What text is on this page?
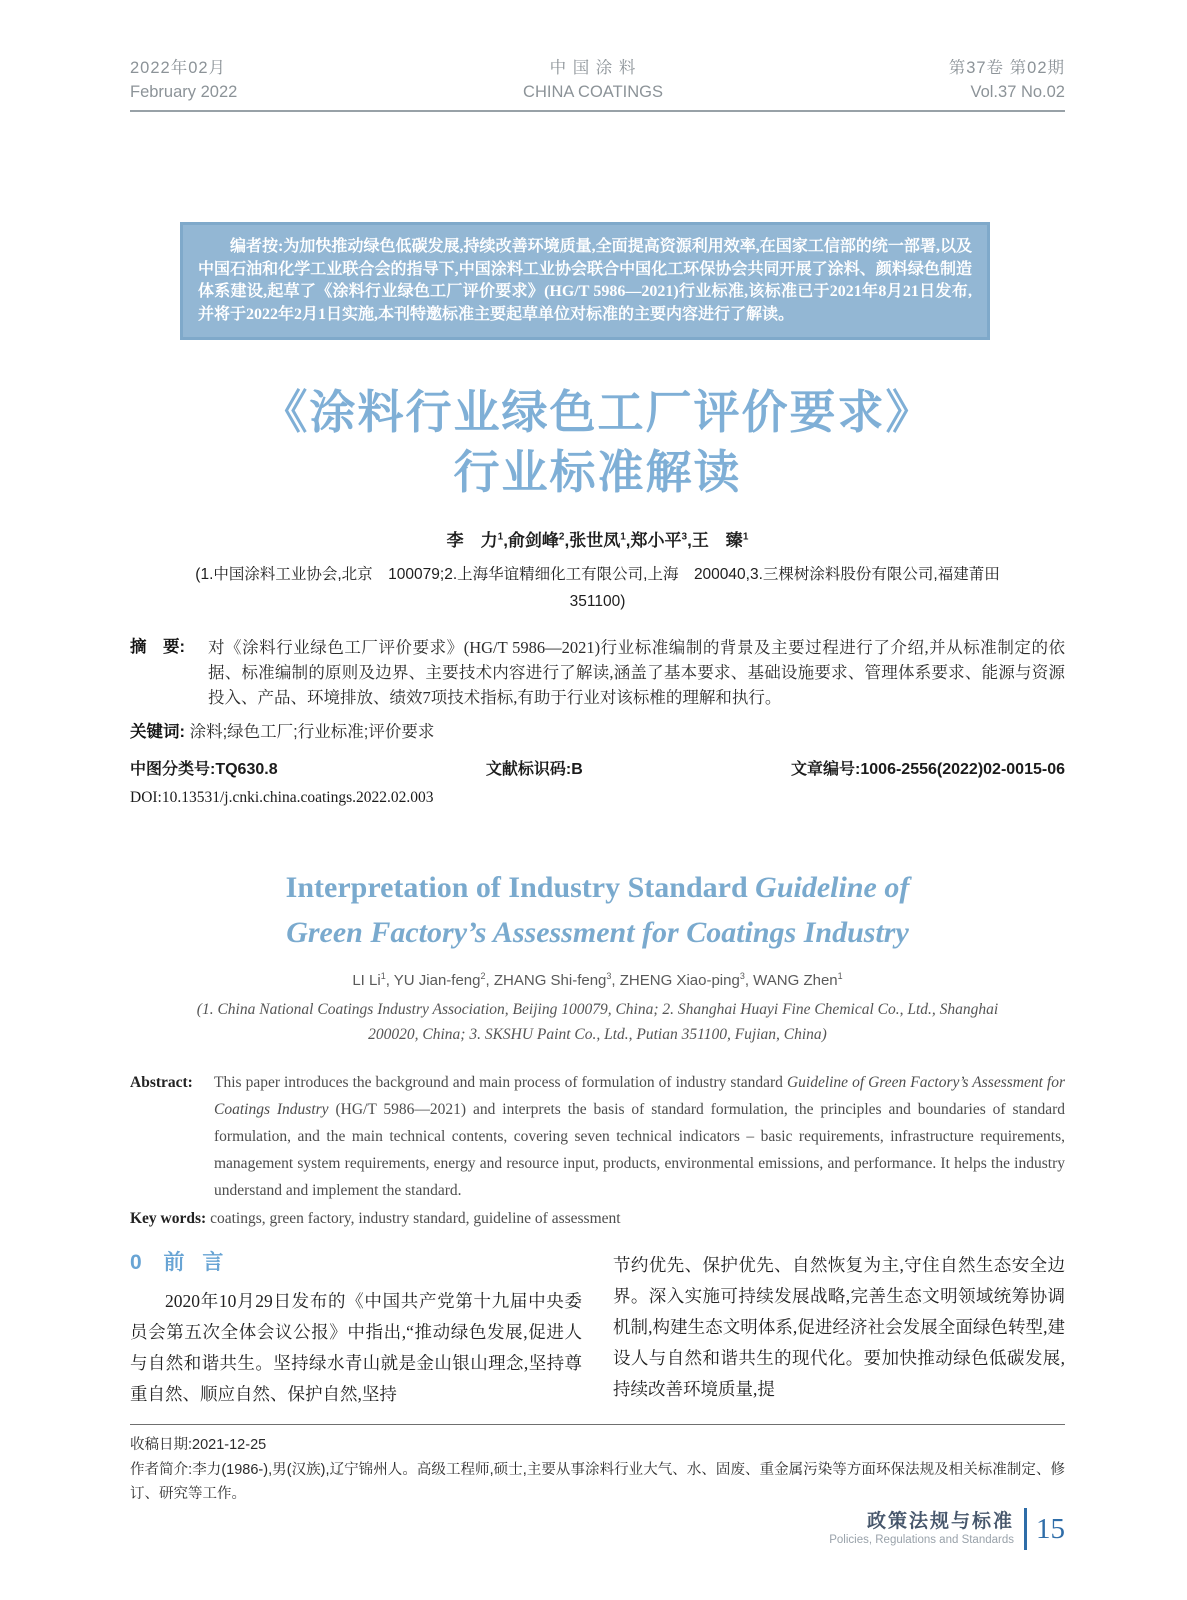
2022年02月
February 2022
中 国 涂 料
CHINA COATINGS
第37卷 第02期
Vol.37 No.02

编者按:为加快推动绿色低碳发展,持续改善环境质量,全面提高资源利用效率,在国家工信部的统一部署,以及中国石油和化学工业联合会的指导下,中国涂料工业协会联合中国化工环保协会共同开展了涂料、颜料绿色制造体系建设,起草了《涂料行业绿色工厂评价要求》(HG/T 5986—2021)行业标准,该标准已于2021年8月21日发布,并将于2022年2月1日实施,本刊特邀标准主要起草单位对标准的主要内容进行了解读。

《涂料行业绿色工厂评价要求》
行业标准解读
李　力$^1$,俞剑峰$^2$,张世凤$^1$,郑小平$^3$,王　臻$^1$
(1.中国涂料工业协会,北京　100079;2.上海华谊精细化工有限公司,上海　200040,3.三棵树涂料股份有限公司,福建莆田
351100)
摘　要: 对《涂料行业绿色工厂评价要求》(HG/T 5986—2021)行业标准编制的背景及主要过程进行了介绍,并从标准制定的依据、标准编制的原则及边界、主要技术内容进行了解读,涵盖了基本要求、基础设施要求、管理体系要求、能源与资源投入、产品、环境排放、绩效7项技术指标,有助于行业对该标椎的理解和执行。
关键词: 涂料;绿色工厂;行业标准;评价要求
中图分类号:TQ630.8	文献标识码:B	文章编号:1006-2556(2022)02-0015-06
DOI:10.13531/j.cnki.china.coatings.2022.02.003
Interpretation of Industry Standard Guideline of
Green Factory’s Assessment for Coatings Industry
LI Li$^1$, YU Jian-feng$^2$, ZHANG Shi-feng$^3$, ZHENG Xiao-ping$^3$, WANG Zhen$^1$
(1. China National Coatings Industry Association, Beijing 100079, China; 2. Shanghai Huayi Fine Chemical Co., Ltd., Shanghai
200020, China; 3. SKSHU Paint Co., Ltd., Putian 351100, Fujian, China)
Abstract: This paper introduces the background and main process of formulation of industry standard Guideline of Green Factory’s Assessment for Coatings Industry (HG/T 5986—2021) and interprets the basis of standard formulation, the principles and boundaries of standard formulation, and the main technical contents, covering seven technical indicators – basic requirements, infrastructure requirements, management system requirements, energy and resource input, products, environmental emissions, and performance. It helps the industry understand and implement the standard.
Key words: coatings, green factory, industry standard, guideline of assessment
0 前 言

2020年10月29日发布的《中国共产党第十九届中央委员会第五次全体会议公报》中指出,“推动绿色发展,促进人与自然和谐共生。坚持绿水青山就是金山银山理念,坚持尊重自然、顺应自然、保护自然,坚持

节约优先、保护优先、自然恢复为主,守住自然生态安全边界。深入实施可持续发展战略,完善生态文明领域统筹协调机制,构建生态文明体系,促进经济社会发展全面绿色转型,建设人与自然和谐共生的现代化。要加快推动绿色低碳发展,持续改善环境质量,提

收稿日期:2021-12-25

作者简介:李力(1986-),男(汉族),辽宁锦州人。高级工程师,硕士,主要从事涂料行业大气、水、固废、重金属污染等方面环保法规及相关标准制定、修订、研究等工作。

政策法规与标准
Policies, Regulations and Standards 15
